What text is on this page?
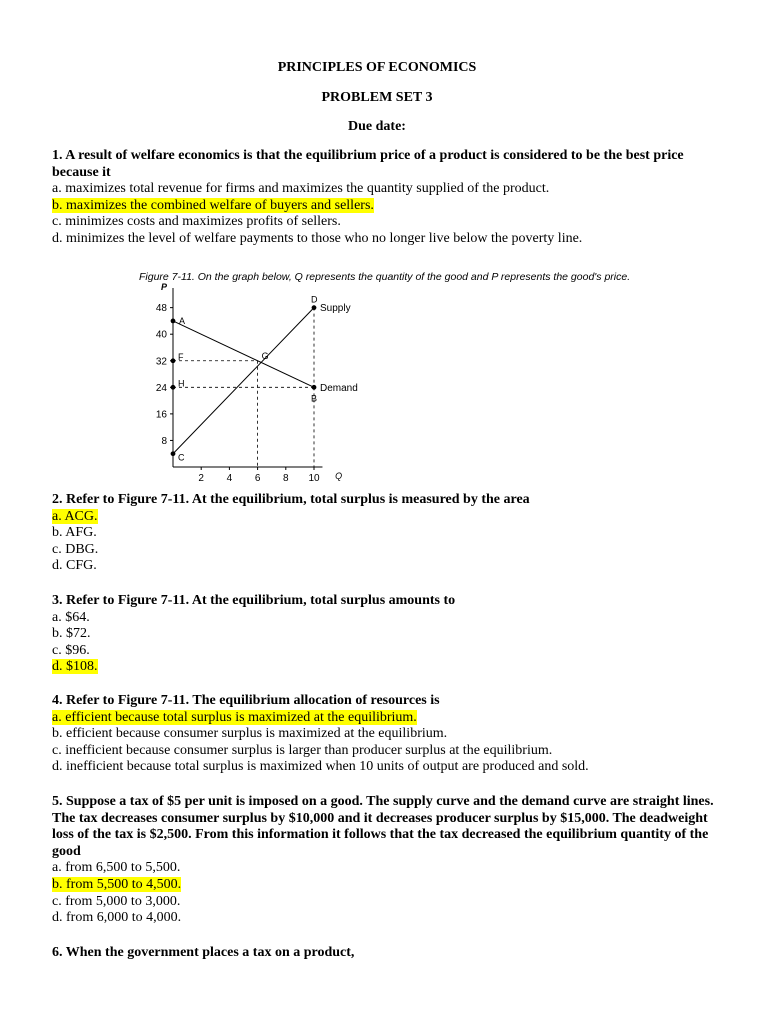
PRINCIPLES OF ECONOMICS
PROBLEM SET 3
Due date:
1. A result of welfare economics is that the equilibrium price of a product is considered to be the best price because it
a. maximizes total revenue for firms and maximizes the quantity supplied of the product.
b. maximizes the combined welfare of buyers and sellers.
c. minimizes costs and maximizes profits of sellers.
d. minimizes the level of welfare payments to those who no longer live below the poverty line.
Figure 7-11. On the graph below, Q represents the quantity of the good and P represents the good's price.
P
Q
8
16
24
32
40
48
2 4 6 8 10
A
C
D
B
G
F
H
Supply
Demand
2. Refer to Figure 7-11. At the equilibrium, total surplus is measured by the area
a. ACG.
b. AFG.
c. DBG.
d. CFG.
3. Refer to Figure 7-11. At the equilibrium, total surplus amounts to
a. $64.
b. $72.
c. $96.
d. $108.
4. Refer to Figure 7-11. The equilibrium allocation of resources is
a. efficient because total surplus is maximized at the equilibrium.
b. efficient because consumer surplus is maximized at the equilibrium.
c. inefficient because consumer surplus is larger than producer surplus at the equilibrium.
d. inefficient because total surplus is maximized when 10 units of output are produced and sold.
5. Suppose a tax of $5 per unit is imposed on a good. The supply curve and the demand curve are straight lines. The tax decreases consumer surplus by $10,000 and it decreases producer surplus by $15,000. The deadweight loss of the tax is $2,500. From this information it follows that the tax decreased the equilibrium quantity of the good
a. from 6,500 to 5,500.
b. from 5,500 to 4,500.
c. from 5,000 to 3,000.
d. from 6,000 to 4,000.
6. When the government places a tax on a product,
